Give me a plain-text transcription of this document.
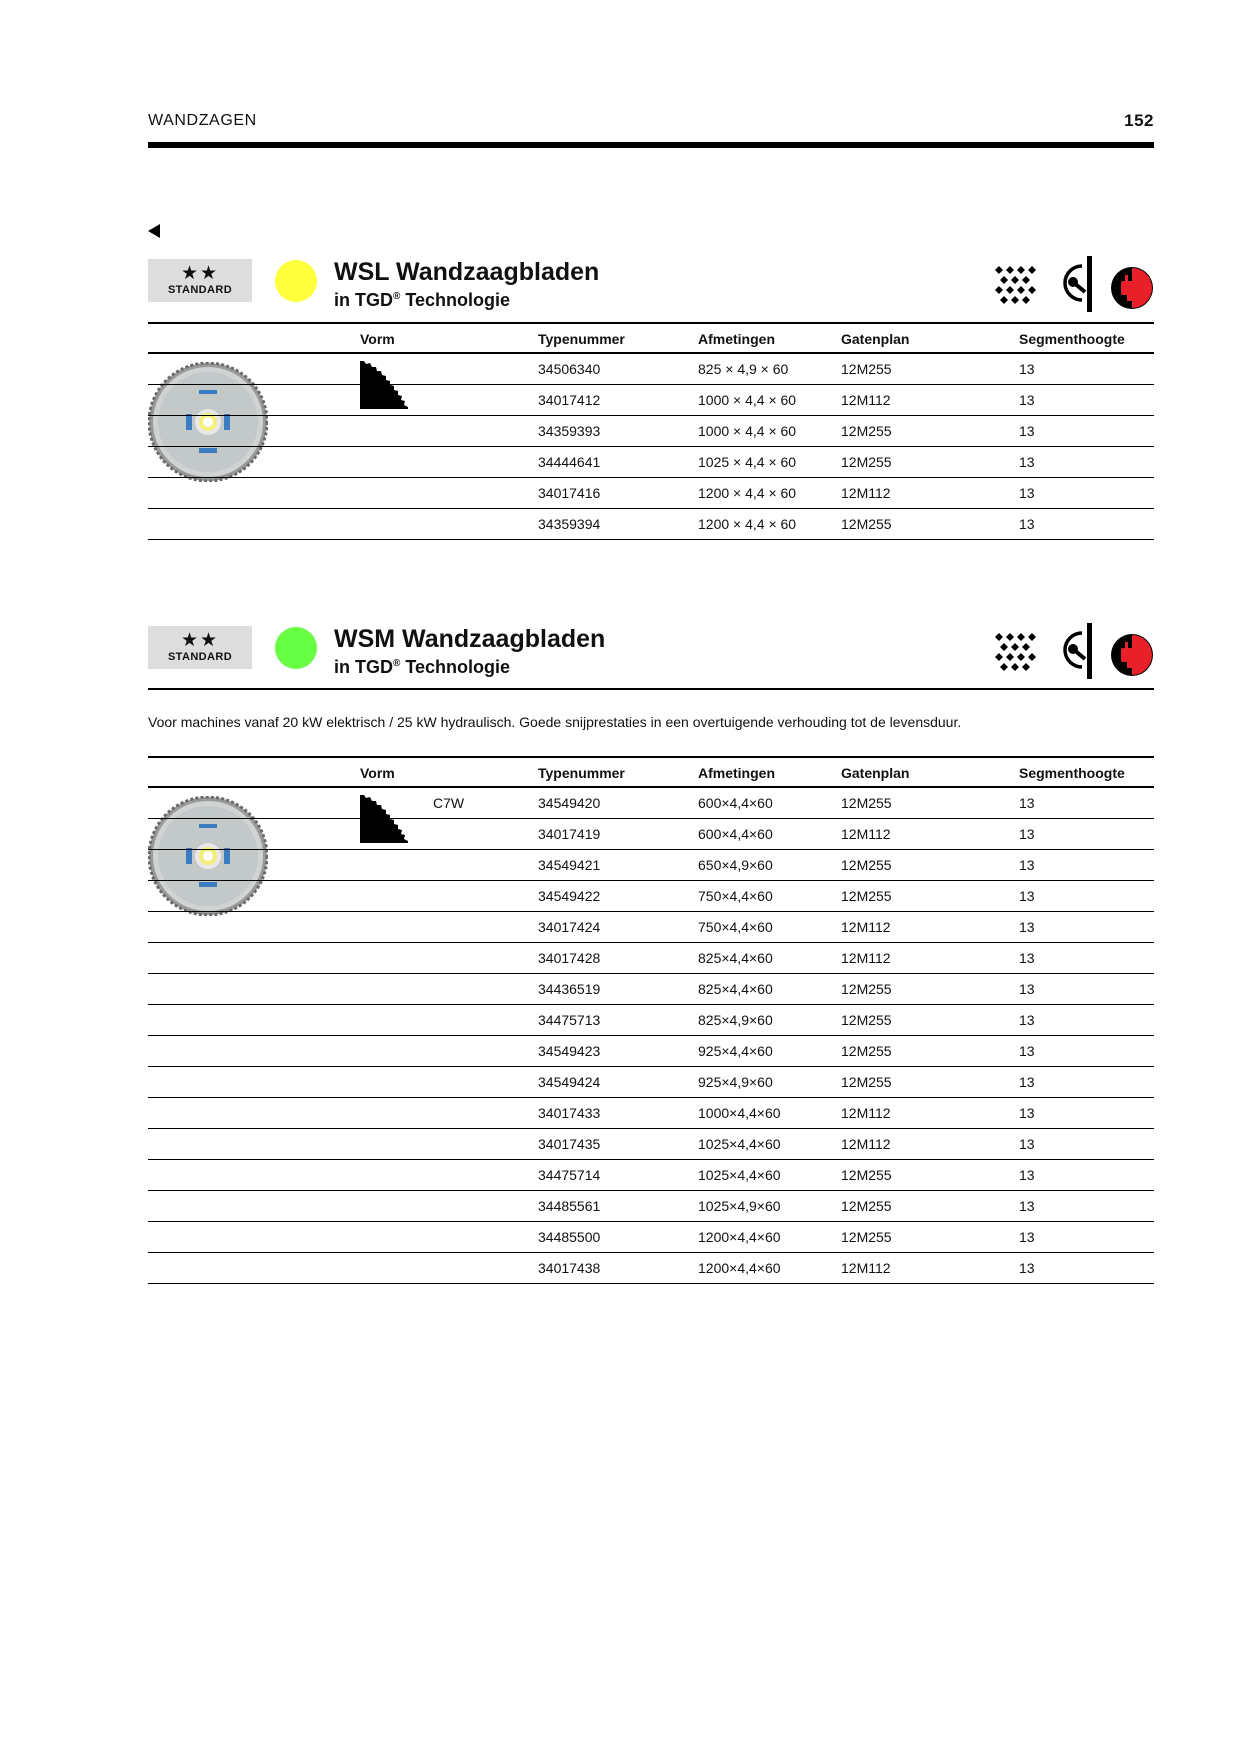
WANDZAGEN	152
★★
STANDARD
WSL Wandzaagbladen
in TGD® Technologie
Vorm	Typenummer	Afmetingen	Gatenplan	Segmenthoogte
34506340	825 × 4,9 × 60	12M255	13
34017412	1000 × 4,4 × 60	12M112	13
34359393	1000 × 4,4 × 60	12M255	13
34444641	1025 × 4,4 × 60	12M255	13
34017416	1200 × 4,4 × 60	12M112	13
34359394	1200 × 4,4 × 60	12M255	13
★★
STANDARD
WSM Wandzaagbladen
in TGD® Technologie
Voor machines vanaf 20 kW elektrisch / 25 kW hydraulisch. Goede snijprestaties in een overtuigende verhouding tot de levensduur.
Vorm	Typenummer	Afmetingen	Gatenplan	Segmenthoogte
C7W	34549420	600×4,4×60	12M255	13
34017419	600×4,4×60	12M112	13
34549421	650×4,9×60	12M255	13
34549422	750×4,4×60	12M255	13
34017424	750×4,4×60	12M112	13
34017428	825×4,4×60	12M112	13
34436519	825×4,4×60	12M255	13
34475713	825×4,9×60	12M255	13
34549423	925×4,4×60	12M255	13
34549424	925×4,9×60	12M255	13
34017433	1000×4,4×60	12M112	13
34017435	1025×4,4×60	12M112	13
34475714	1025×4,4×60	12M255	13
34485561	1025×4,9×60	12M255	13
34485500	1200×4,4×60	12M255	13
34017438	1200×4,4×60	12M112	13
